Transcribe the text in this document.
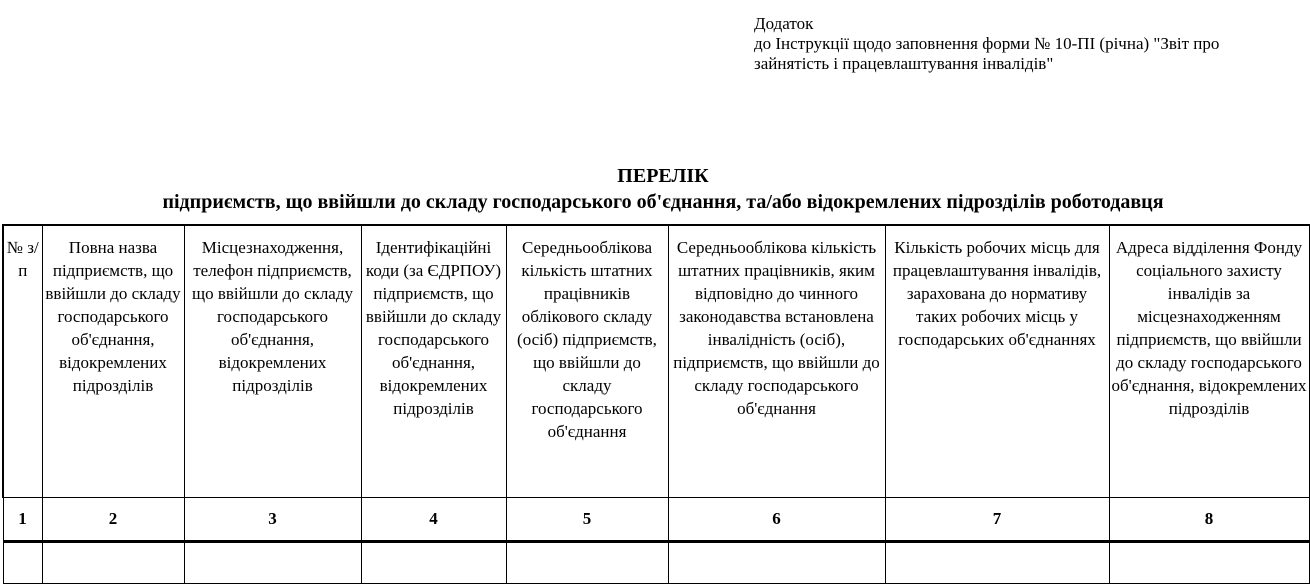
Додаток
до Інструкції щодо заповнення форми № 10-ПІ (річна) "Звіт про
зайнятість і працевлаштування інвалідів"
ПЕРЕЛІК
підприємств, що ввійшли до складу господарського об'єднання, та/або відокремлених підрозділів роботодавця
№ з/п	Повна назва підприємств, що ввійшли до складу господарського об'єднання, відокремлених підрозділів	Місцезнаходження, телефон підприємств, що ввійшли до складу господарського об'єднання, відокремлених підрозділів	Ідентифікаційні коди (за ЄДРПОУ) підприємств, що ввійшли до складу господарського об'єднання, відокремлених підрозділів	Середньооблікова кількість штатних працівників облікового складу (осіб) підприємств, що ввійшли до складу господарського об'єднання	Середньооблікова кількість штатних працівників, яким відповідно до чинного законодавства встановлена інвалідність (осіб), підприємств, що ввійшли до складу господарського об'єднання	Кількість робочих місць для працевлаштування інвалідів, зарахована до нормативу таких робочих місць у господарських об'єднаннях	Адреса відділення Фонду соціального захисту інвалідів за місцезнаходженням підприємств, що ввійшли до складу господарського об'єднання, відокремлених підрозділів
1	2	3	4	5	6	7	8
